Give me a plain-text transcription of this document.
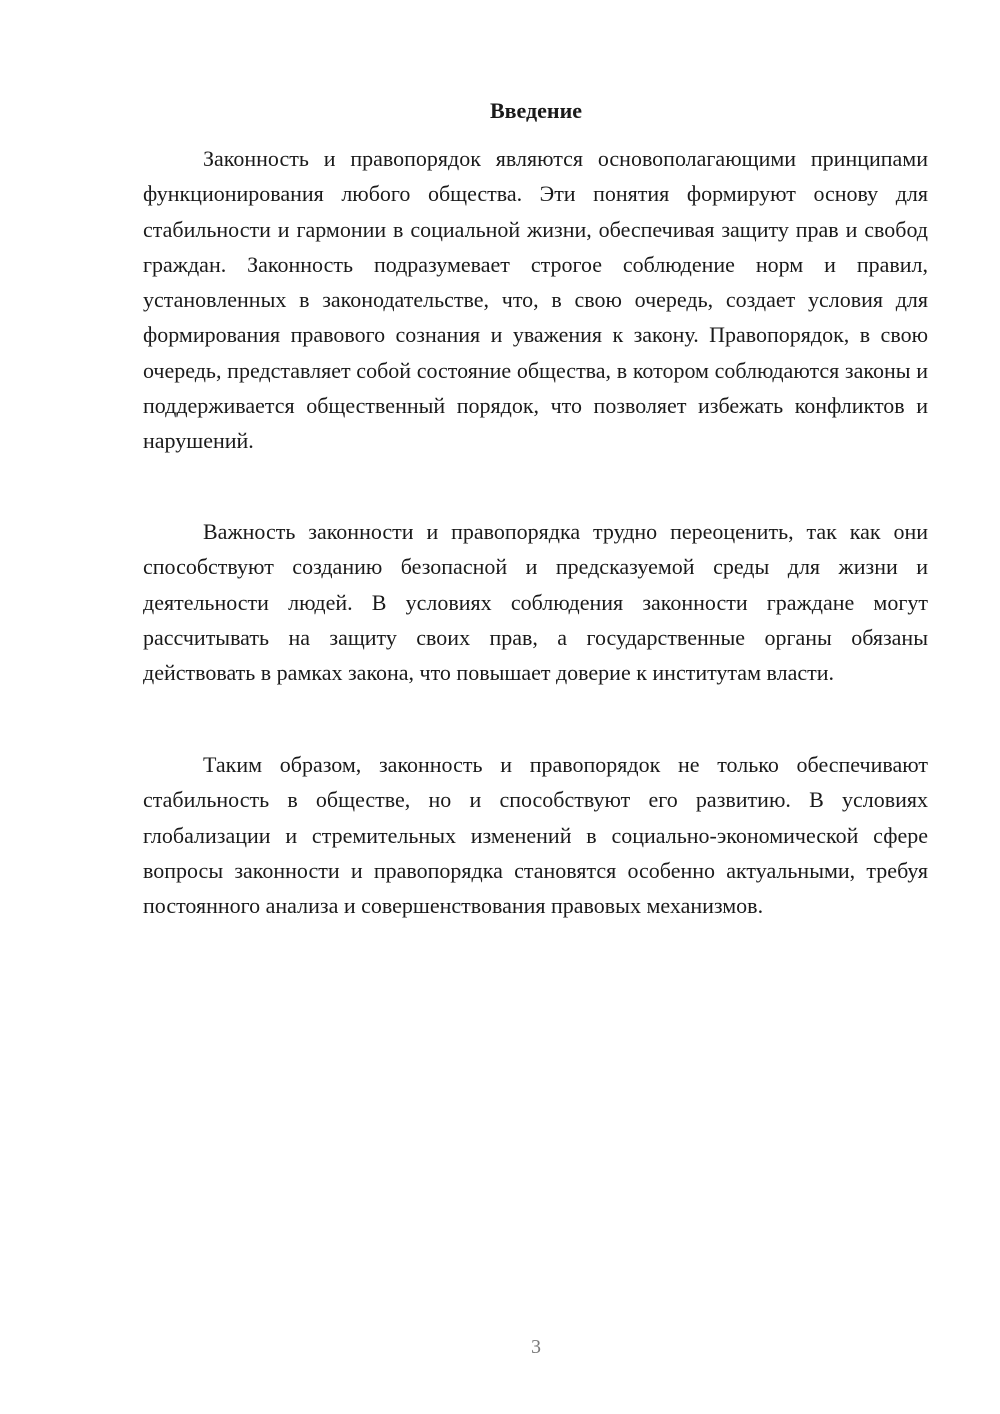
Введение

Законность и правопорядок являются основополагающими принципами функционирования любого общества. Эти понятия формируют основу для стабильности и гармонии в социальной жизни, обеспечивая защиту прав и свобод граждан. Законность подразумевает строгое соблюдение норм и правил, установленных в законодательстве, что, в свою очередь, создает условия для формирования правового сознания и уважения к закону. Правопорядок, в свою очередь, представляет собой состояние общества, в котором соблюдаются законы и поддерживается общественный порядок, что позволяет избежать конфликтов и нарушений.

Важность законности и правопорядка трудно переоценить, так как они способствуют созданию безопасной и предсказуемой среды для жизни и деятельности людей. В условиях соблюдения законности граждане могут рассчитывать на защиту своих прав, а государственные органы обязаны действовать в рамках закона, что повышает доверие к институтам власти.

Таким образом, законность и правопорядок не только обеспечивают стабильность в обществе, но и способствуют его развитию. В условиях глобализации и стремительных изменений в социально-экономической сфере вопросы законности и правопорядка становятся особенно актуальными, требуя постоянного анализа и совершенствования правовых механизмов.

3
